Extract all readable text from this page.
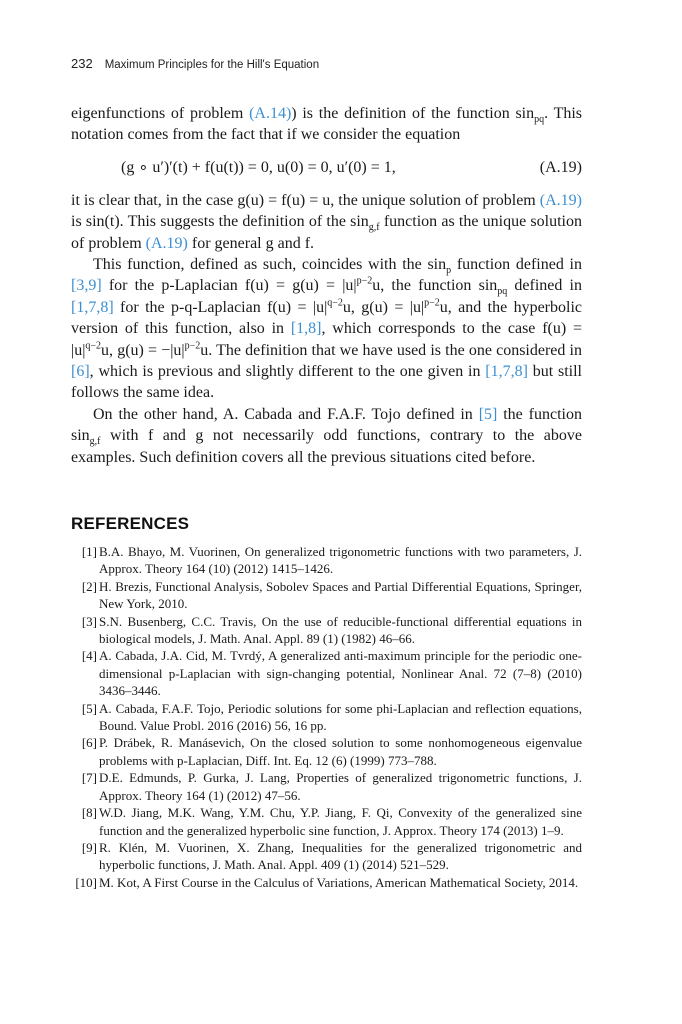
232 Maximum Principles for the Hill's Equation

eigenfunctions of problem (A.14)) is the definition of the function $\sin_{pq}$. This notation comes from the fact that if we consider the equation

(g ∘ u′)′(t) + f(u(t)) = 0, u(0) = 0, u′(0) = 1,	(A.19)

it is clear that, in the case g(u) = f(u) = u, the unique solution of problem (A.19) is sin(t). This suggests the definition of the $\sin_{g,f}$ function as the unique solution of problem (A.19) for general g and f.

This function, defined as such, coincides with the $\sin_p$ function defined in [3,9] for the p-Laplacian $f(u) = g(u) = |u|^{p-2}u$, the function $\sin_{pq}$ defined in [1,7,8] for the p-q-Laplacian $f(u) = |u|^{q-2}u$, $g(u) = |u|^{p-2}u$, and the hyperbolic version of this function, also in [1,8], which corresponds to the case $f(u) = |u|^{q-2}u$, $g(u) = -|u|^{p-2}u$. The definition that we have used is the one considered in [6], which is previous and slightly different to the one given in [1,7,8] but still follows the same idea.

On the other hand, A. Cabada and F.A.F. Tojo defined in [5] the function $\sin_{g,f}$ with f and g not necessarily odd functions, contrary to the above examples. Such definition covers all the previous situations cited before.

REFERENCES
[1] B.A. Bhayo, M. Vuorinen, On generalized trigonometric functions with two parameters, J. Approx. Theory 164 (10) (2012) 1415–1426.
[2] H. Brezis, Functional Analysis, Sobolev Spaces and Partial Differential Equations, Springer, New York, 2010.
[3] S.N. Busenberg, C.C. Travis, On the use of reducible-functional differential equations in biological models, J. Math. Anal. Appl. 89 (1) (1982) 46–66.
[4] A. Cabada, J.A. Cid, M. Tvrdý, A generalized anti-maximum principle for the periodic one-dimensional p-Laplacian with sign-changing potential, Nonlinear Anal. 72 (7–8) (2010) 3436–3446.
[5] A. Cabada, F.A.F. Tojo, Periodic solutions for some phi-Laplacian and reflection equations, Bound. Value Probl. 2016 (2016) 56, 16 pp.
[6] P. Drábek, R. Manásevich, On the closed solution to some nonhomogeneous eigenvalue problems with p-Laplacian, Diff. Int. Eq. 12 (6) (1999) 773–788.
[7] D.E. Edmunds, P. Gurka, J. Lang, Properties of generalized trigonometric functions, J. Approx. Theory 164 (1) (2012) 47–56.
[8] W.D. Jiang, M.K. Wang, Y.M. Chu, Y.P. Jiang, F. Qi, Convexity of the generalized sine function and the generalized hyperbolic sine function, J. Approx. Theory 174 (2013) 1–9.
[9] R. Klén, M. Vuorinen, X. Zhang, Inequalities for the generalized trigonometric and hyperbolic functions, J. Math. Anal. Appl. 409 (1) (2014) 521–529.
[10] M. Kot, A First Course in the Calculus of Variations, American Mathematical Society, 2014.
